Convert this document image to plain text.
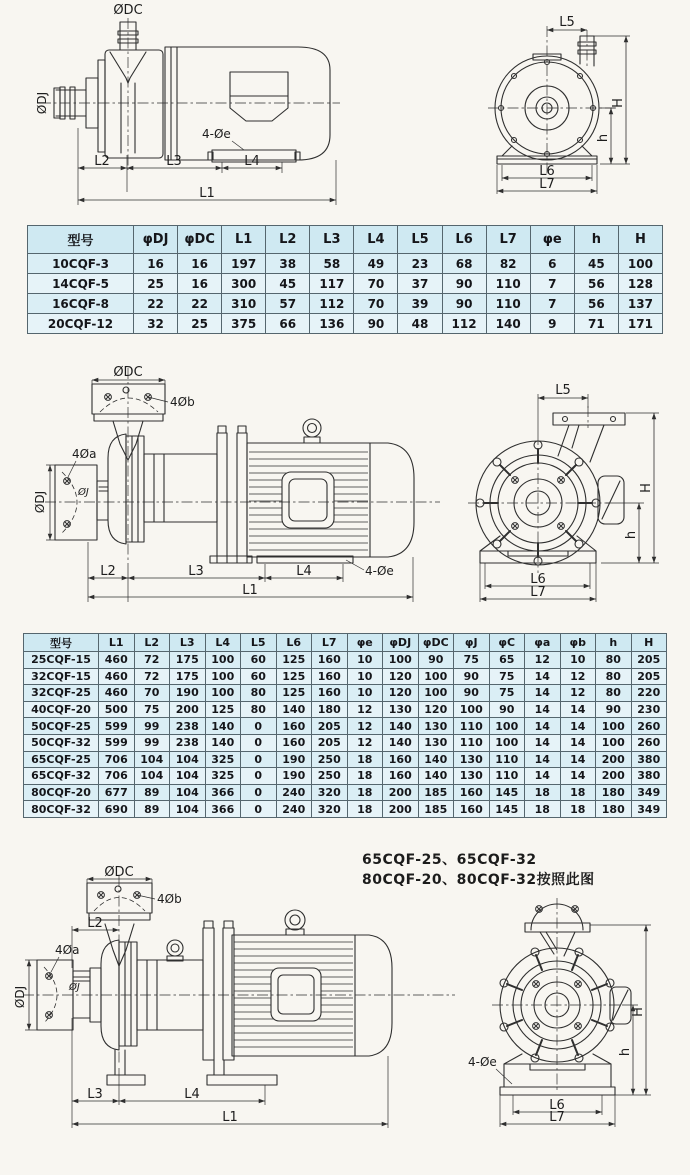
ØDC
ØDJ
4-Øe
L2	L3	L4
L1
L5
H
h
L6
L7
型号	φDJ	φDC	L1	L2	L3	L4	L5	L6	L7	φe	h	H
10CQF-3	16	16	197	38	58	49	23	68	82	6	45	100
14CQF-5	25	16	300	45	117	70	37	90	110	7	56	128
16CQF-8	22	22	310	57	112	70	39	90	110	7	56	137
20CQF-12	32	25	375	66	136	90	48	112	140	9	71	171
ØDC
4Øb
4Øa
ØDJ	ØJ
4-Øe
L2	L3	L4
L1
L5
H
h
L6
L7
型号	L1	L2	L3	L4	L5	L6	L7	φe	φDJ	φDC	φJ	φC	φa	φb	h	H
25CQF-15	460	72	175	100	60	125	160	10	100	90	75	65	12	10	80	205
32CQF-15	460	72	175	100	60	125	160	10	120	100	90	75	14	12	80	205
32CQF-25	460	70	190	100	80	125	160	10	120	100	90	75	14	12	80	220
40CQF-20	500	75	200	125	80	140	180	12	130	120	100	90	14	14	90	230
50CQF-25	599	99	238	140	0	160	205	12	140	130	110	100	14	14	100	260
50CQF-32	599	99	238	140	0	160	205	12	140	130	110	100	14	14	100	260
65CQF-25	706	104	104	325	0	190	250	18	160	140	130	110	14	14	200	380
65CQF-32	706	104	104	325	0	190	250	18	160	140	130	110	14	14	200	380
80CQF-20	677	89	104	366	0	240	320	18	200	185	160	145	18	18	180	349
80CQF-32	690	89	104	366	0	240	320	18	200	185	160	145	18	18	180	349
65CQF-25、65CQF-32
80CQF-20、80CQF-32按照此图
ØDC
4Øb
L2
4Øa
ØDJ	ØJ
L3	L4
L1
4-Øe
H
h
L6
L7
